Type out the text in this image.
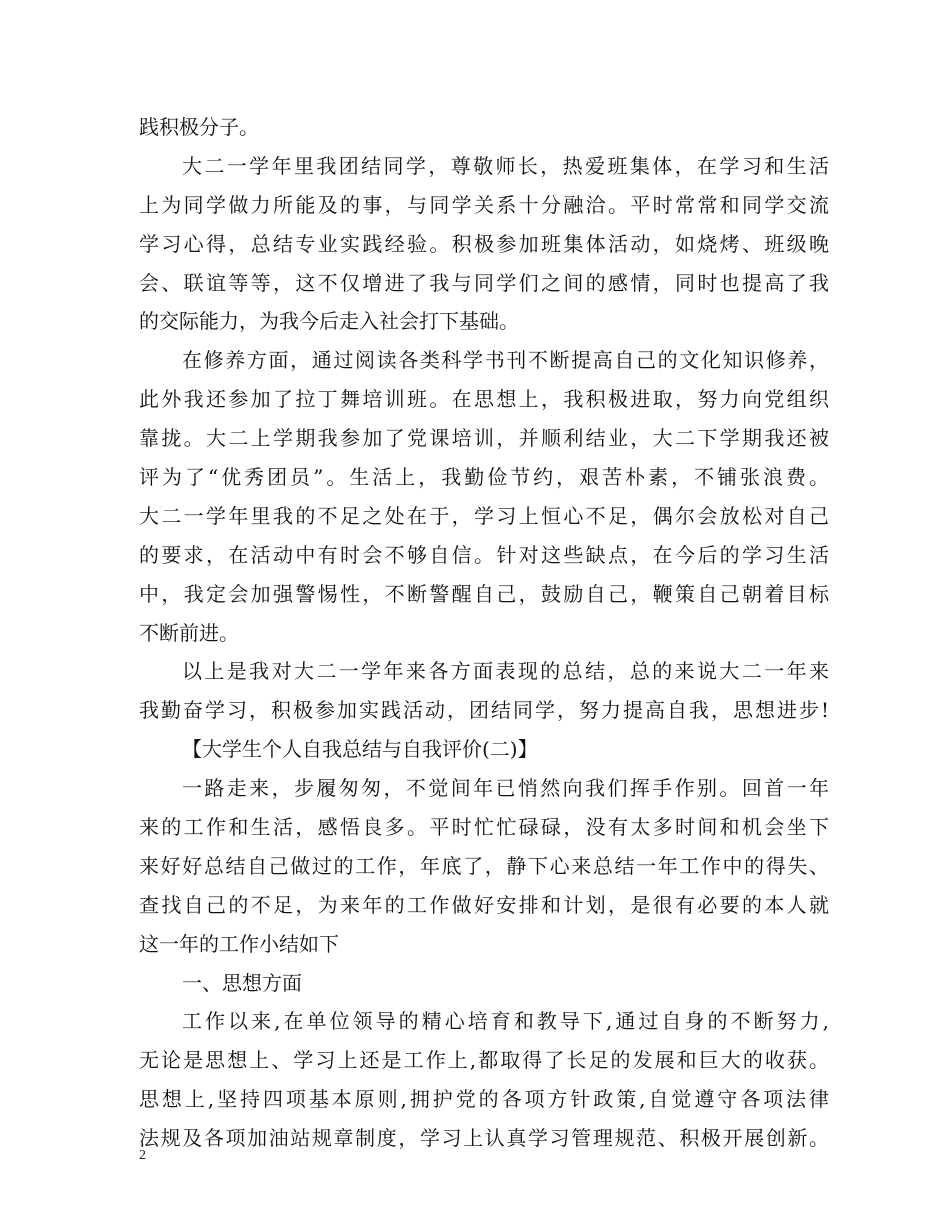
践积极分子。
大二一学年里我团结同学，尊敬师长，热爱班集体，在学习和生活
上为同学做力所能及的事，与同学关系十分融洽。平时常常和同学交流
学习心得，总结专业实践经验。积极参加班集体活动，如烧烤、班级晚
会、联谊等等，这不仅增进了我与同学们之间的感情，同时也提高了我
的交际能力，为我今后走入社会打下基础。
在修养方面，通过阅读各类科学书刊不断提高自己的文化知识修养，
此外我还参加了拉丁舞培训班。在思想上，我积极进取，努力向党组织
靠拢。大二上学期我参加了党课培训，并顺利结业，大二下学期我还被
评为了“优秀团员”。生活上，我勤俭节约，艰苦朴素，不铺张浪费。
大二一学年里我的不足之处在于，学习上恒心不足，偶尔会放松对自己
的要求，在活动中有时会不够自信。针对这些缺点，在今后的学习生活
中，我定会加强警惕性，不断警醒自己，鼓励自己，鞭策自己朝着目标
不断前进。
以上是我对大二一学年来各方面表现的总结，总的来说大二一年来
我勤奋学习，积极参加实践活动，团结同学，努力提高自我，思想进步!
【大学生个人自我总结与自我评价(二)】
一路走来，步履匆匆，不觉间年已悄然向我们挥手作别。回首一年
来的工作和生活，感悟良多。平时忙忙碌碌，没有太多时间和机会坐下
来好好总结自己做过的工作，年底了，静下心来总结一年工作中的得失、
查找自己的不足，为来年的工作做好安排和计划，是很有必要的本人就
这一年的工作小结如下
一、思想方面
工作以来,在单位领导的精心培育和教导下,通过自身的不断努力,
无论是思想上、学习上还是工作上,都取得了长足的发展和巨大的收获。
思想上,坚持四项基本原则,拥护党的各项方针政策,自觉遵守各项法律
法规及各项加油站规章制度，学习上认真学习管理规范、积极开展创新。
2
